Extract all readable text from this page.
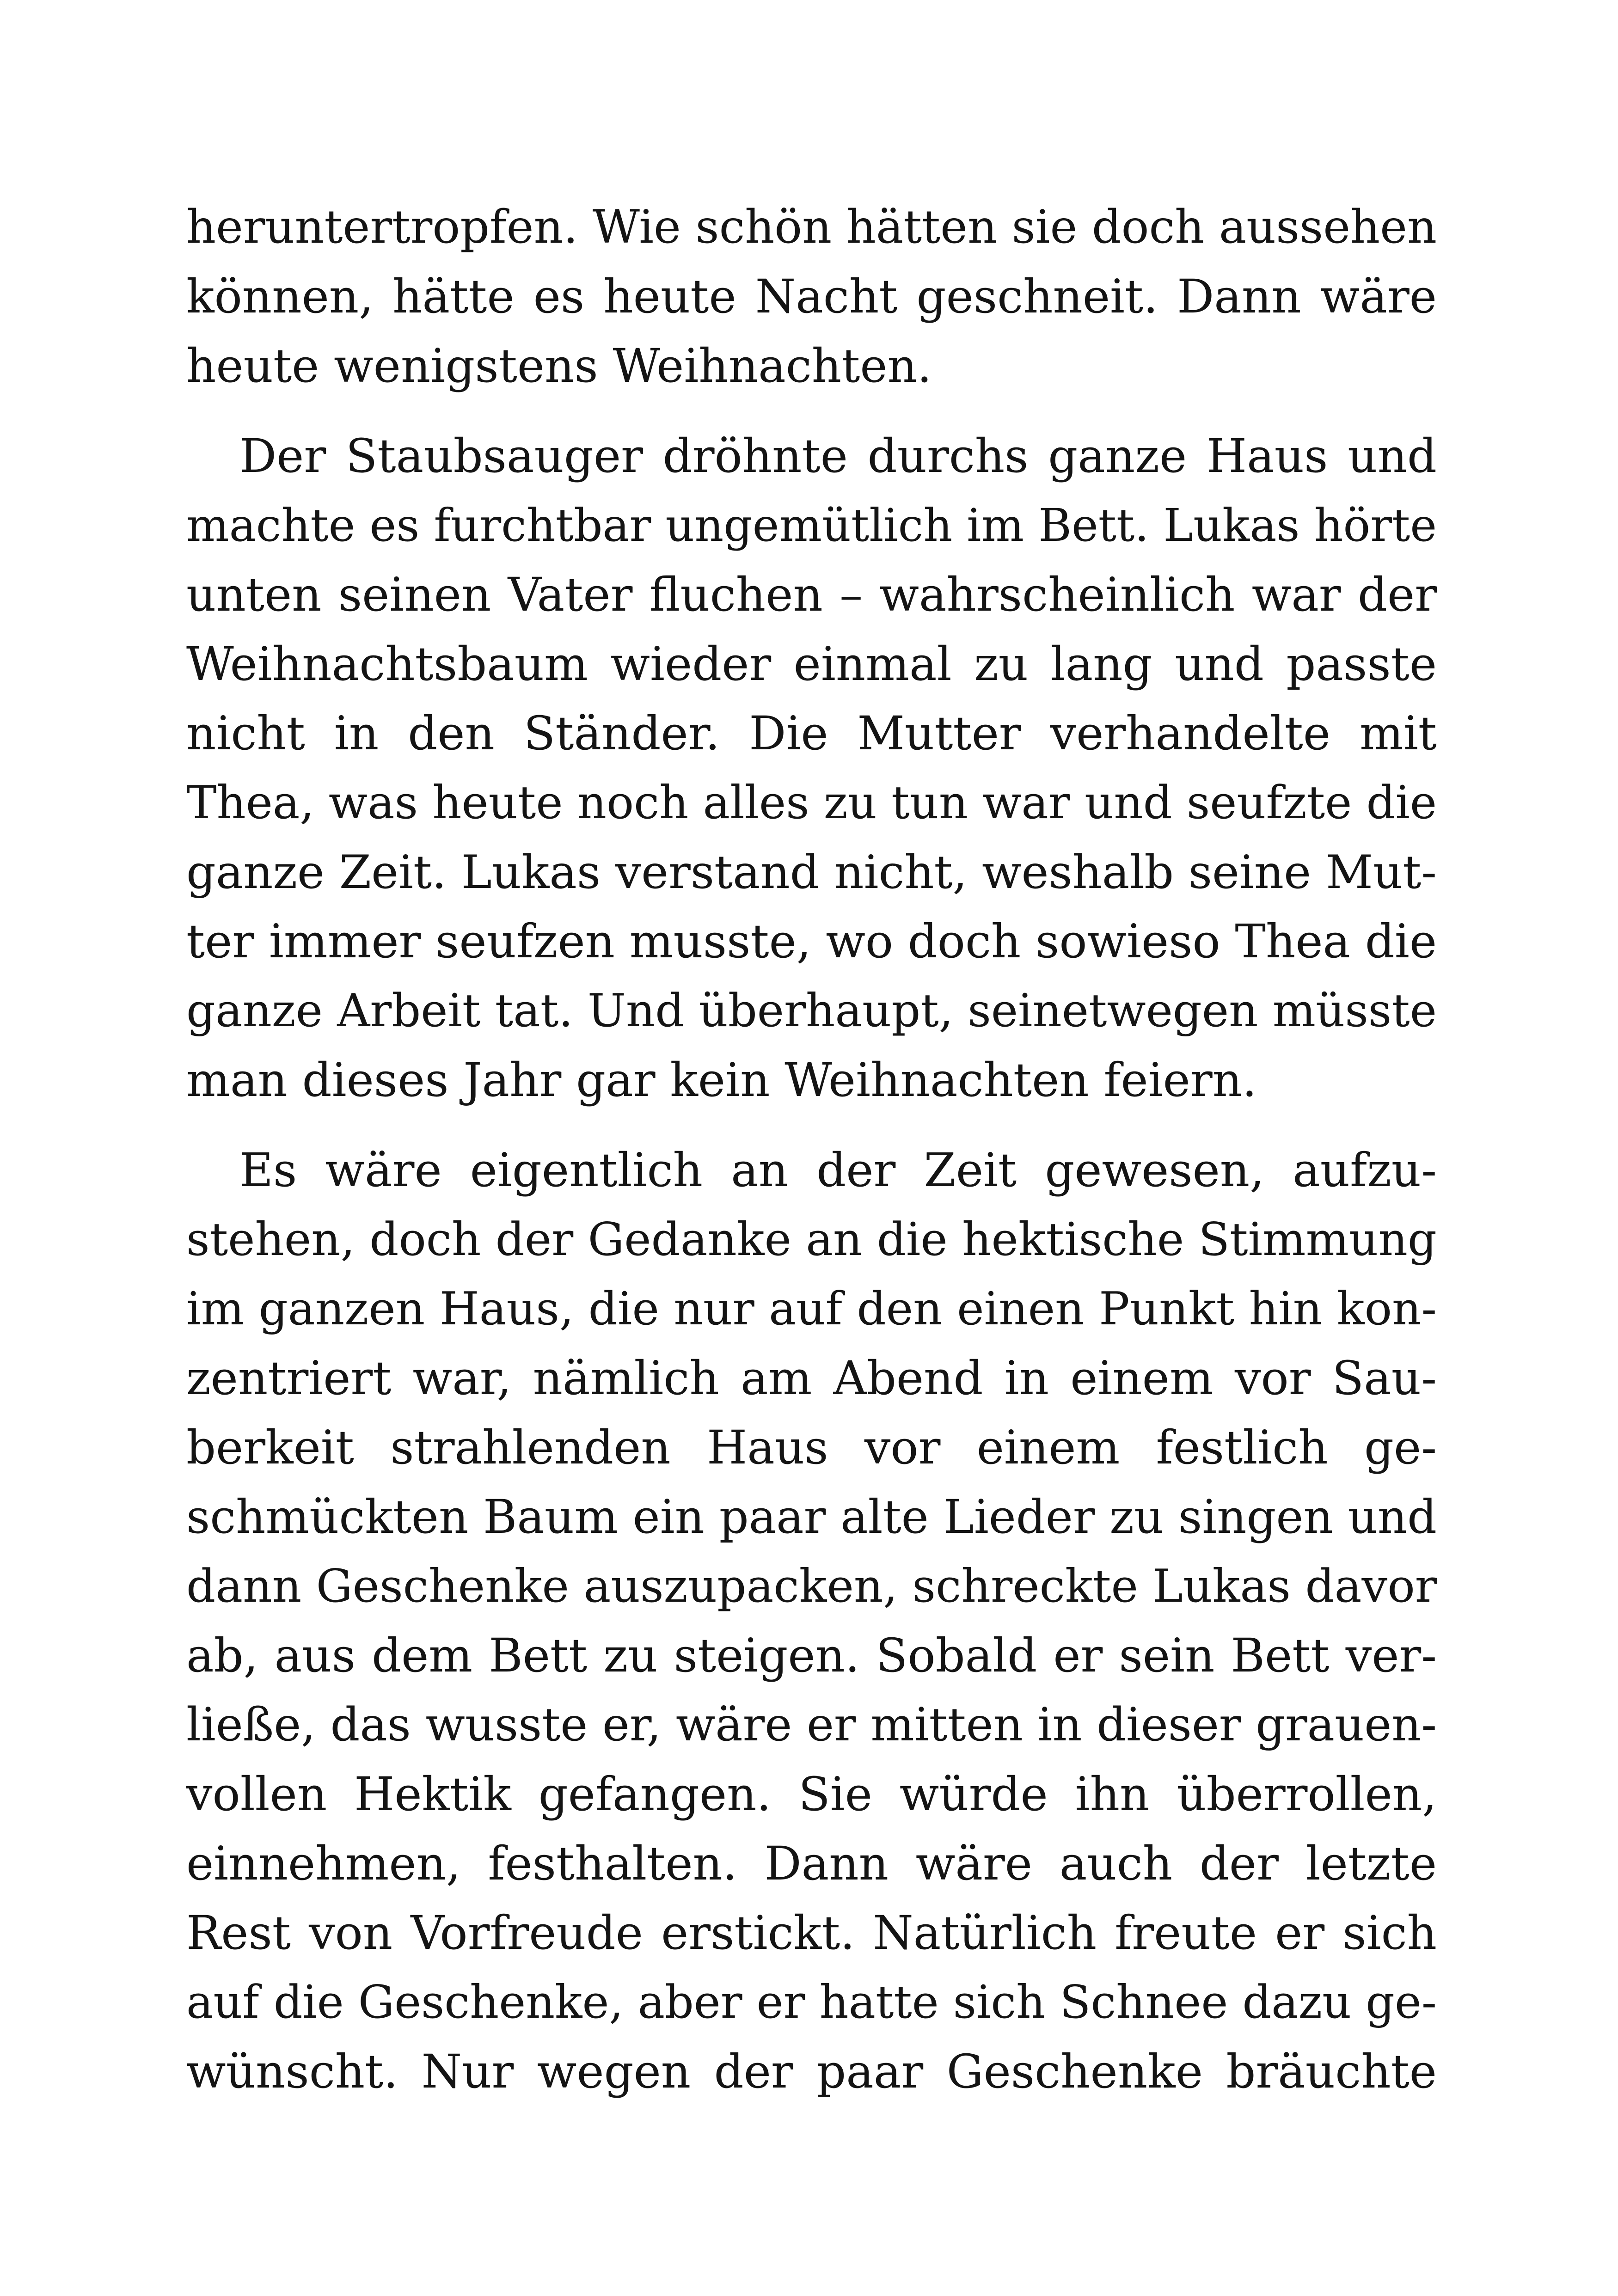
heruntertropfen. Wie schön hätten sie doch aussehen
können, hätte es heute Nacht geschneit. Dann wäre
heute wenigstens Weihnachten.

Der Staubsauger dröhnte durchs ganze Haus und
machte es furchtbar ungemütlich im Bett. Lukas hörte
unten seinen Vater fluchen – wahrscheinlich war der
Weihnachtsbaum wieder einmal zu lang und passte
nicht in den Ständer. Die Mutter verhandelte mit
Thea, was heute noch alles zu tun war und seufzte die
ganze Zeit. Lukas verstand nicht, weshalb seine Mut-
ter immer seufzen musste, wo doch sowieso Thea die
ganze Arbeit tat. Und überhaupt, seinetwegen müsste
man dieses Jahr gar kein Weihnachten feiern.

Es wäre eigentlich an der Zeit gewesen, aufzu-
stehen, doch der Gedanke an die hektische Stimmung
im ganzen Haus, die nur auf den einen Punkt hin kon-
zentriert war, nämlich am Abend in einem vor Sau-
berkeit strahlenden Haus vor einem festlich ge-
schmückten Baum ein paar alte Lieder zu singen und
dann Geschenke auszupacken, schreckte Lukas davor
ab, aus dem Bett zu steigen. Sobald er sein Bett ver-
ließe, das wusste er, wäre er mitten in dieser grauen-
vollen Hektik gefangen. Sie würde ihn überrollen,
einnehmen, festhalten. Dann wäre auch der letzte
Rest von Vorfreude erstickt. Natürlich freute er sich
auf die Geschenke, aber er hatte sich Schnee dazu ge-
wünscht. Nur wegen der paar Geschenke bräuchte
